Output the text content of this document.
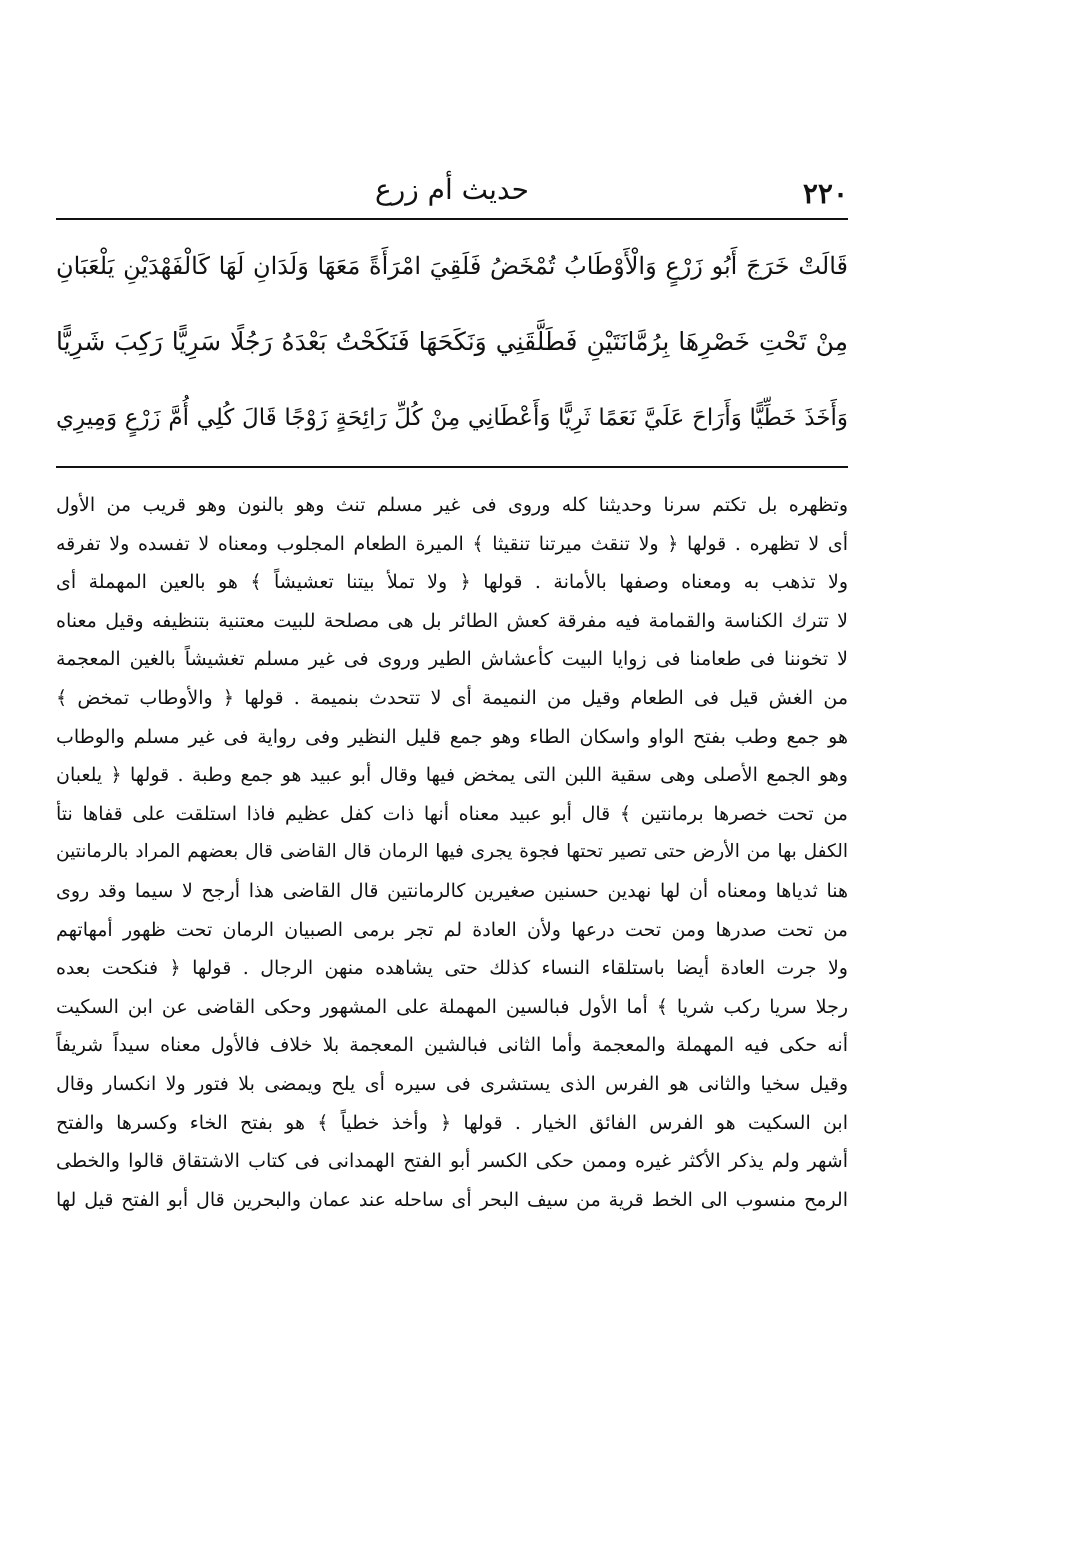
٢٢٠
حديث أم زرع
قَالَتْ خَرَجَ أَبُو زَرْعٍ وَالْأَوْطَابُ تُمْخَضُ فَلَقِيَ امْرَأَةً مَعَهَا وَلَدَانِ لَهَا كَالْفَهْدَيْنِ يَلْعَبَانِ
مِنْ تَحْتِ خَصْرِهَا بِرُمَّانَتَيْنِ فَطَلَّقَنِي وَنَكَحَهَا فَنَكَحْتُ بَعْدَهُ رَجُلًا سَرِيًّا رَكِبَ شَرِيًّا
وَأَخَذَ خَطِّيًّا وَأَرَاحَ عَلَيَّ نَعَمًا ثَرِيًّا وَأَعْطَانِي مِنْ كُلِّ رَائِحَةٍ زَوْجًا قَالَ كُلِي أُمَّ زَرْعٍ وَمِيرِي
وتظهره بل تكتم سرنا وحديثنا كله وروى فى غير مسلم تنث وهو بالنون وهو قريب من الأول
أى لا تظهره . قولها ﴿ ولا تنقث ميرتنا تنقيثا ﴾ الميرة الطعام المجلوب ومعناه لا تفسده ولا تفرقه
ولا تذهب به ومعناه وصفها بالأمانة . قولها ﴿ ولا تملأ بيتنا تعشيشاً ﴾ هو بالعين المهملة أى
لا تترك الكناسة والقمامة فيه مفرقة كعش الطائر بل هى مصلحة للبيت معتنية بتنظيفه وقيل معناه
لا تخوننا فى طعامنا فى زوايا البيت كأعشاش الطير وروى فى غير مسلم تغشيشاً بالغين المعجمة
من الغش قيل فى الطعام وقيل من النميمة أى لا تتحدث بنميمة . قولها ﴿ والأوطاب تمخض ﴾
هو جمع وطب بفتح الواو واسكان الطاء وهو جمع قليل النظير وفى رواية فى غير مسلم والوطاب
وهو الجمع الأصلى وهى سقية اللبن التى يمخض فيها وقال أبو عبيد هو جمع وطبة . قولها ﴿ يلعبان
من تحت خصرها برمانتين ﴾ قال أبو عبيد معناه أنها ذات كفل عظيم فاذا استلقت على قفاها نتأ
الكفل بها من الأرض حتى تصير تحتها فجوة يجرى فيها الرمان قال القاضى قال بعضهم المراد بالرمانتين
هنا ثدياها ومعناه أن لها نهدين حسنين صغيرين كالرمانتين قال القاضى هذا أرجح لا سيما وقد روى
من تحت صدرها ومن تحت درعها ولأن العادة لم تجر برمى الصبيان الرمان تحت ظهور أمهاتهم
ولا جرت العادة أيضا باستلقاء النساء كذلك حتى يشاهده منهن الرجال . قولها ﴿ فنكحت بعده
رجلا سريا ركب شريا ﴾ أما الأول فبالسين المهملة على المشهور وحكى القاضى عن ابن السكيت
أنه حكى فيه المهملة والمعجمة وأما الثانى فبالشين المعجمة بلا خلاف فالأول معناه سيداً شريفاً
وقيل سخيا والثانى هو الفرس الذى يستشرى فى سيره أى يلح ويمضى بلا فتور ولا انكسار وقال
ابن السكيت هو الفرس الفائق الخيار . قولها ﴿ وأخذ خطياً ﴾ هو بفتح الخاء وكسرها والفتح
أشهر ولم يذكر الأكثر غيره وممن حكى الكسر أبو الفتح الهمدانى فى كتاب الاشتقاق قالوا والخطى
الرمح منسوب الى الخط قرية من سيف البحر أى ساحله عند عمان والبحرين قال أبو الفتح قيل لها
